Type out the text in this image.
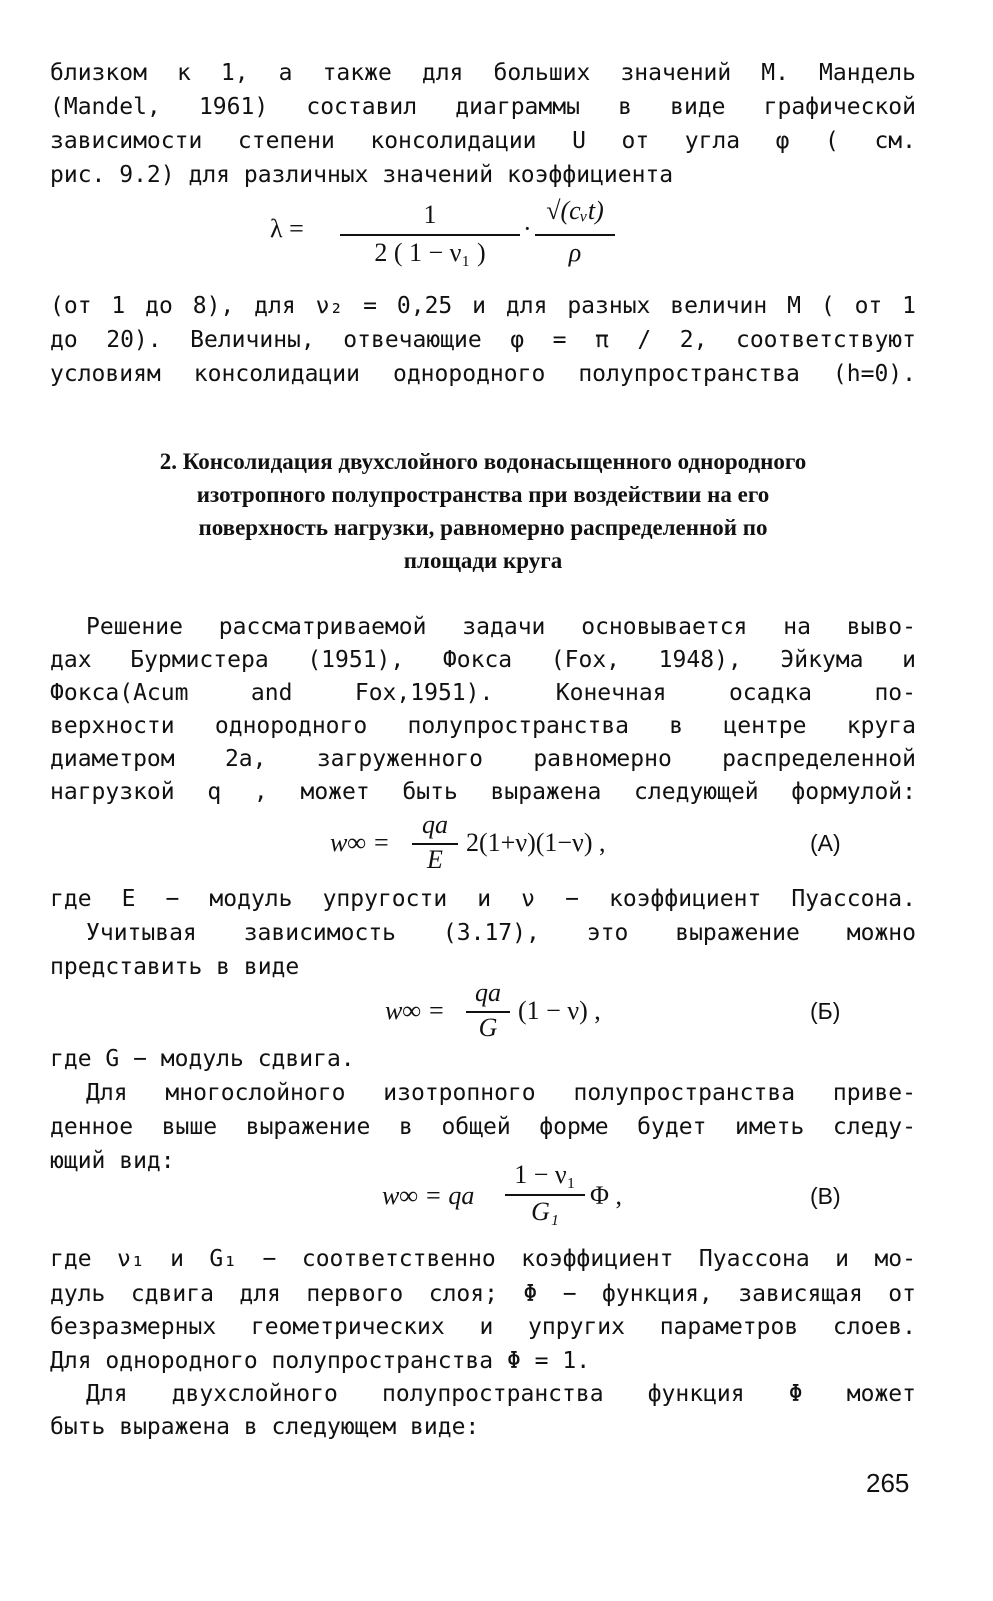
близком к 1, а также для больших значений M. Мандель
(Mandel, 1961) составил диаграммы в виде графической
зависимости степени консолидации U от угла φ ( см.
рис. 9.2) для различных значений коэффициента
λ =	1
2 ( 1 − ν₁ )
·
√(cᵥt)
ρ
(от 1 до 8), для ν₂ = 0,25 и для разных величин M ( от 1
до 20). Величины, отвечающие φ = π / 2, соответствуют
условиям консолидации однородного полупространства (h=0).
2. Консолидация двухслойного водонасыщенного однородного
изотропного полупространства при воздействии на его
поверхность нагрузки, равномерно распределенной по
площади круга
Решение рассматриваемой задачи основывается на выво-
дах Бурмистера (1951), Фокса (Fox, 1948), Эйкума и
Фокса(Acum and Fox,1951). Конечная осадка по-
верхности однородного полупространства в центре круга
диаметром 2а, загруженного равномерно распределенной
нагрузкой q , может быть выражена следующей формулой:
w∞ =
qa
E
2(1+ν)(1−ν) ,	(A)
где E − модуль упругости и ν − коэффициент Пуассона.
Учитывая зависимость (3.17), это выражение можно
представить в виде
w∞ =
qa
G
(1 − ν) ,	(Б)
где G − модуль сдвига.
Для многослойного изотропного полупространства приве-
денное выше выражение в общей форме будет иметь следу-
ющий вид:
w∞ = qa
1 − ν₁
G₁
Φ ,	(B)
где ν₁ и G₁ − соответственно коэффициент Пуассона и мо-
дуль сдвига для первого слоя; Φ − функция, зависящая от
безразмерных геометрических и упругих параметров слоев.
Для однородного полупространства Φ = 1.
Для двухслойного полупространства функция Φ может
быть выражена в следующем виде:
265
